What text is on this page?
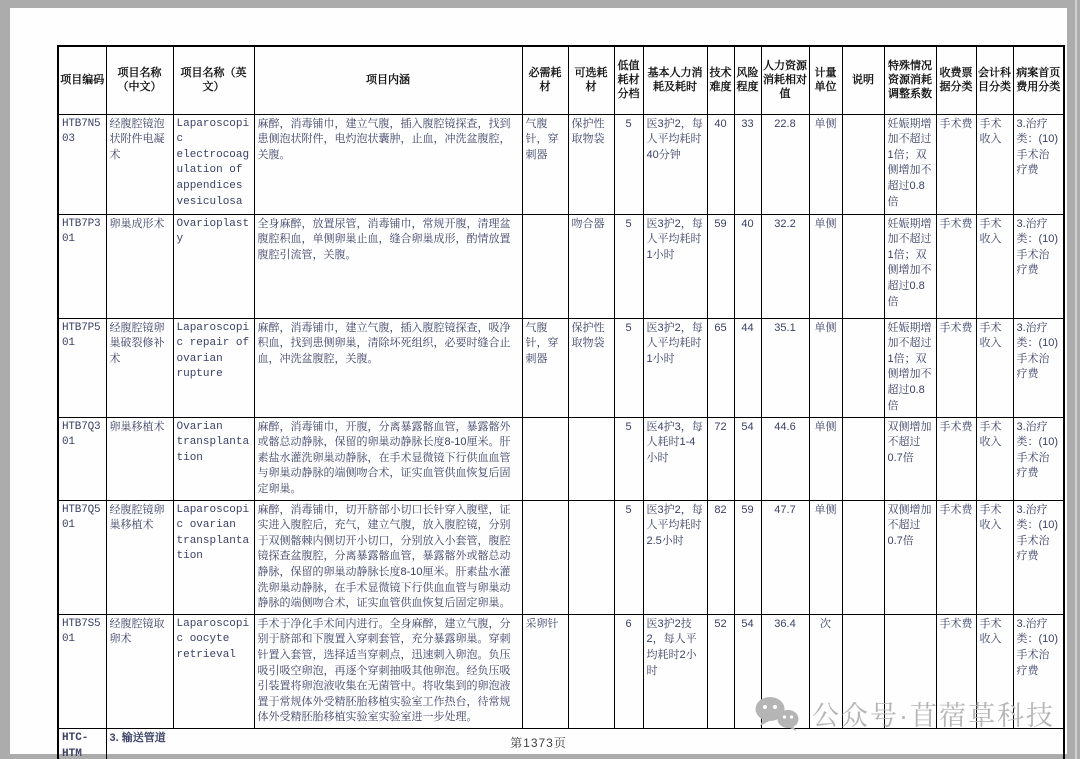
项目编码	项目名称（中文）	项目名称（英文）	项目内涵	必需耗材	可选耗材	低值耗材分档	基本人力消耗及耗时	技术难度	风险程度	人力资源消耗相对值	计量单位	说明	特殊情况资源消耗调整系数	收费票据分类	会计科目分类	病案首页费用分类
HTB7N503	经腹腔镜泡状附件电凝术	Laparoscopic electrocoagulation of appendices vesiculosa	麻醉，消毒铺巾，建立气腹，插入腹腔镜探查，找到患侧泡状附件，电灼泡状囊肿，止血，冲洗盆腹腔，关腹。	气腹针，穿刺器	保护性取物袋	5	医3护2，每人平均耗时40分钟	40	33	22.8	单侧		妊娠期增加不超过1倍；双侧增加不超过0.8倍	手术费	手术收入	3.治疗类：(10)手术治疗费
HTB7P301	卵巢成形术	Ovarioplasty	全身麻醉，放置尿管，消毒铺巾，常规开腹，清理盆腹腔积血，单侧卵巢止血，缝合卵巢成形，酌情放置腹腔引流管，关腹。		吻合器	5	医3护2，每人平均耗时1小时	59	40	32.2	单侧		妊娠期增加不超过1倍；双侧增加不超过0.8倍	手术费	手术收入	3.治疗类：(10)手术治疗费
HTB7P501	经腹腔镜卵巢破裂修补术	Laparoscopic repair of ovarian rupture	麻醉，消毒铺巾，建立气腹，插入腹腔镜探查，吸净积血，找到患侧卵巢，清除坏死组织，必要时缝合止血，冲洗盆腹腔，关腹。	气腹针，穿刺器	保护性取物袋	5	医3护2，每人平均耗时1小时	65	44	35.1	单侧		妊娠期增加不超过1倍；双侧增加不超过0.8倍	手术费	手术收入	3.治疗类：(10)手术治疗费
HTB7Q301	卵巢移植术	Ovarian transplantation	麻醉，消毒铺巾，开腹，分离暴露髂血管，暴露髂外或髂总动静脉，保留的卵巢动静脉长度8-10厘米。肝素盐水灌洗卵巢动静脉，在手术显微镜下行供血血管与卵巢动静脉的端侧吻合术，证实血管供血恢复后固定卵巢。			5	医4护3，每人耗时1-4小时	72	54	44.6	单侧		双侧增加不超过0.7倍	手术费	手术收入	3.治疗类：(10)手术治疗费
HTB7Q501	经腹腔镜卵巢移植术	Laparoscopic ovarian transplantation	麻醉，消毒铺巾，切开脐部小切口长针穿入腹壁，证实进入腹腔后，充气，建立气腹，放入腹腔镜，分别于双侧髂棘内侧切开小切口，分别放入小套管，腹腔镜探查盆腹腔，分离暴露髂血管，暴露髂外或髂总动静脉，保留的卵巢动静脉长度8-10厘米。肝素盐水灌洗卵巢动静脉，在手术显微镜下行供血血管与卵巢动静脉的端侧吻合术，证实血管供血恢复后固定卵巢。			5	医3护2，每人平均耗时2.5小时	82	59	47.7	单侧		双侧增加不超过0.7倍	手术费	手术收入	3.治疗类：(10)手术治疗费
HTB7S501	经腹腔镜取卵术	Laparoscopic oocyte retrieval	手术于净化手术间内进行。全身麻醉，建立气腹，分别于脐部和下腹置入穿刺套管，充分暴露卵巢。穿刺针置入套管，选择适当穿刺点，迅速刺入卵泡。负压吸引吸空卵泡，再逐个穿刺抽吸其他卵泡。经负压吸引装置将卵泡液收集在无菌管中。将收集到的卵泡液置于常规体外受精胚胎移植实验室工作热台，待常规体外受精胚胎移植实验室实验室进一步处理。	采卵针		6	医3护2技2，每人平均耗时2小时	52	54	36.4	次			手术费	手术收入	3.治疗类：(10)手术治疗费
HTC-HTM	3. 输送管道															
公众号·苜蓿草科技
第1373页
